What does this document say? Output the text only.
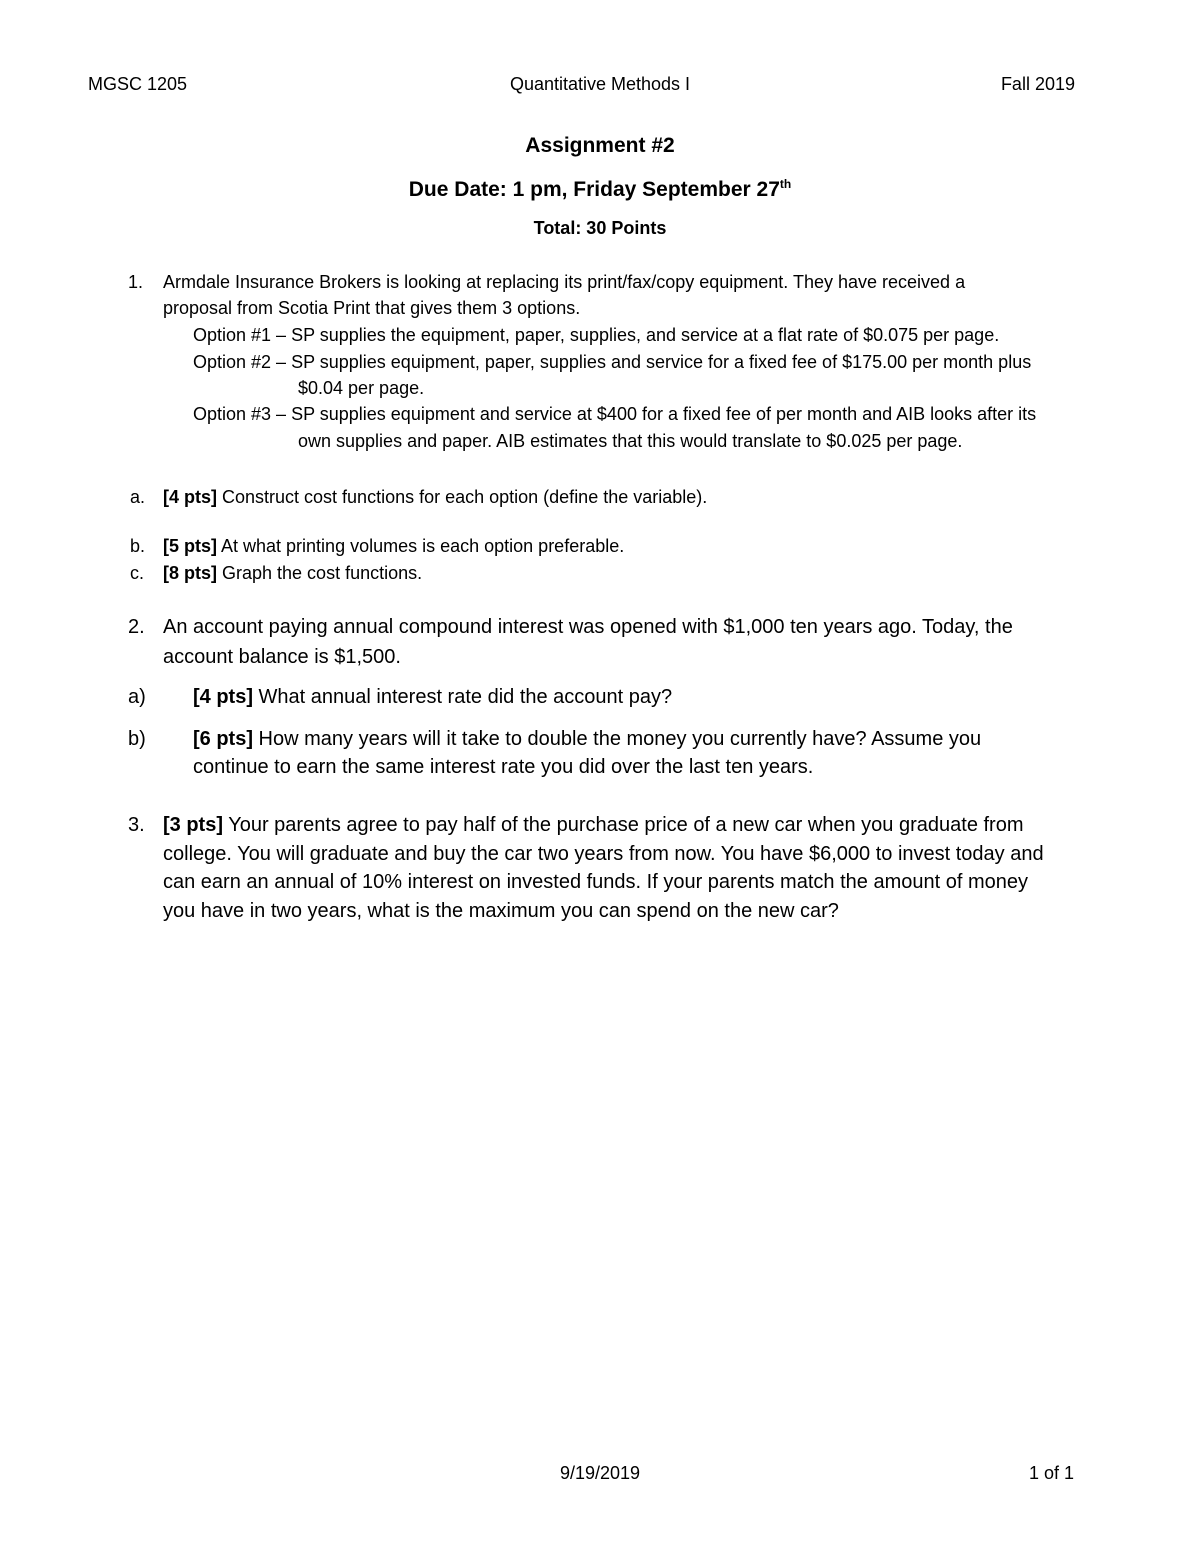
MGSC 1205	Quantitative Methods I	Fall 2019
Assignment #2
Due Date: 1 pm, Friday September 27th
Total: 30 Points
1. Armdale Insurance Brokers is looking at replacing its print/fax/copy equipment. They have received a
proposal from Scotia Print that gives them 3 options.
Option #1 – SP supplies the equipment, paper, supplies, and service at a flat rate of $0.075 per page.
Option #2 – SP supplies equipment, paper, supplies and service for a fixed fee of $175.00 per month plus
$0.04 per page.
Option #3 – SP supplies equipment and service at $400 for a fixed fee of per month and AIB looks after its
own supplies and paper. AIB estimates that this would translate to $0.025 per page.
a. [4 pts] Construct cost functions for each option (define the variable).
b. [5 pts] At what printing volumes is each option preferable.
c. [8 pts] Graph the cost functions.
2. An account paying annual compound interest was opened with $1,000 ten years ago. Today, the
account balance is $1,500.
a) [4 pts] What annual interest rate did the account pay?
b) [6 pts] How many years will it take to double the money you currently have? Assume you
continue to earn the same interest rate you did over the last ten years.
3. [3 pts] Your parents agree to pay half of the purchase price of a new car when you graduate from
college. You will graduate and buy the car two years from now. You have $6,000 to invest today and
can earn an annual of 10% interest on invested funds. If your parents match the amount of money
you have in two years, what is the maximum you can spend on the new car?
9/19/2019	1 of 1
